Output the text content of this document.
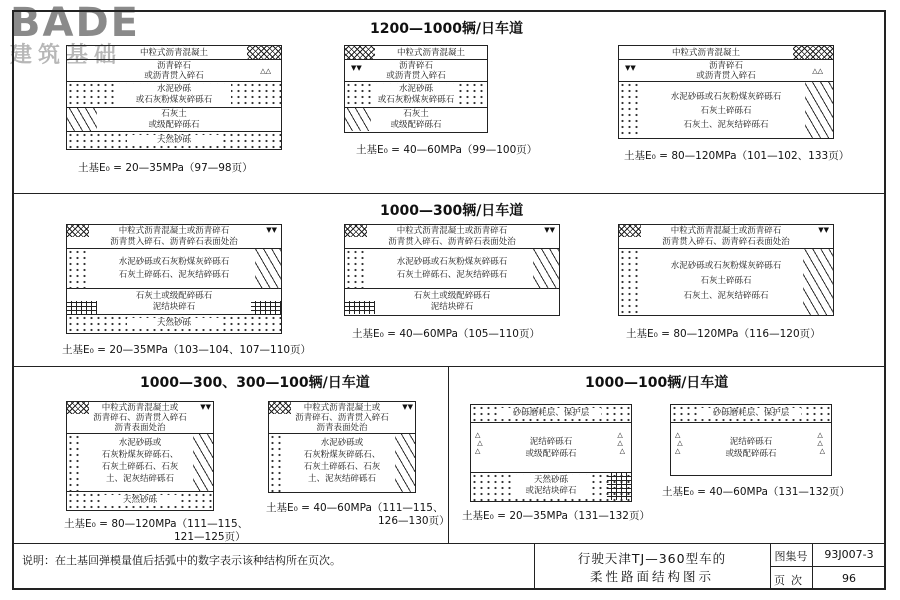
BADE
建筑基础
1200—1000辆/日车道
1000—300辆/日车道
1000—300、300—100辆/日车道	1000—100辆/日车道
中粒式沥青混凝土
沥青碎石
或沥青贯入碎石	△△
水泥砂砾
或石灰粉煤灰碎砾石
石灰土
或级配碎砾石
天然砂砾
土基E₀ = 20—35MPa（97—98页）
中粒式沥青混凝土
▼▼	沥青碎石
或沥青贯入碎石
水泥砂砾
或石灰粉煤灰碎砾石
石灰土
或级配碎砾石
土基E₀ = 40—60MPa（99—100页）
中粒式沥青混凝土
▼▼	沥青碎石
或沥青贯入碎石	△△
水泥砂砾或石灰粉煤灰碎砾石
石灰土碎砾石
石灰土、泥灰结碎砾石
土基E₀ = 80—120MPa（101—102、133页）
▼▼
中粒式沥青混凝土或沥青碎石
沥青贯入碎石、沥青碎石表面处治
水泥砂砾或石灰粉煤灰碎砾石
石灰土碎砾石、泥灰结碎砾石
石灰土或级配碎砾石
泥结块碎石
天然砂砾
土基E₀ = 20—35MPa（103—104、107—110页）
▼▼
中粒式沥青混凝土或沥青碎石
沥青贯入碎石、沥青碎石表面处治
水泥砂砾或石灰粉煤灰碎砾石
石灰土碎砾石、泥灰结碎砾石
石灰土或级配碎砾石
泥结块碎石
土基E₀ = 40—60MPa（105—110页）
▼▼
中粒式沥青混凝土或沥青碎石
沥青贯入碎石、沥青碎石表面处治
水泥砂砾或石灰粉煤灰碎砾石
石灰土碎砾石
石灰土、泥灰结碎砾石
土基E₀ = 80—120MPa（116—120页）
▼▼
中粒式沥青混凝土或
沥青碎石、沥青贯入碎石
沥青表面处治
水泥砂砾或
石灰粉煤灰碎砾石、
石灰土碎砾石、石灰
土、泥灰结碎砾石
天然砂砾
土基E₀ = 80—120MPa（111—115、
121—125页）
▼▼
中粒式沥青混凝土或
沥青碎石、沥青贯入碎石
沥青表面处治
水泥砂砾或
石灰粉煤灰碎砾石、
石灰土碎砾石、石灰
土、泥灰结碎砾石
土基E₀ = 40—60MPa（111—115、
126—130页）
砂砾磨耗层、保护层
△
△
△
△
△
△
泥结碎砾石
或级配碎砾石
天然砂砾
或泥结块碎石
土基E₀ = 20—35MPa（131—132页）
砂砾磨耗层、保护层
△
△
△
△
△
△
泥结碎砾石
或级配碎砾石
土基E₀ = 40—60MPa（131—132页）
说明：在土基回弹模量值后括弧中的数字表示该种结构所在页次。	行驶天津TJ—360型车的
柔性路面结构图示
图集号	93J007-3
页次	96
